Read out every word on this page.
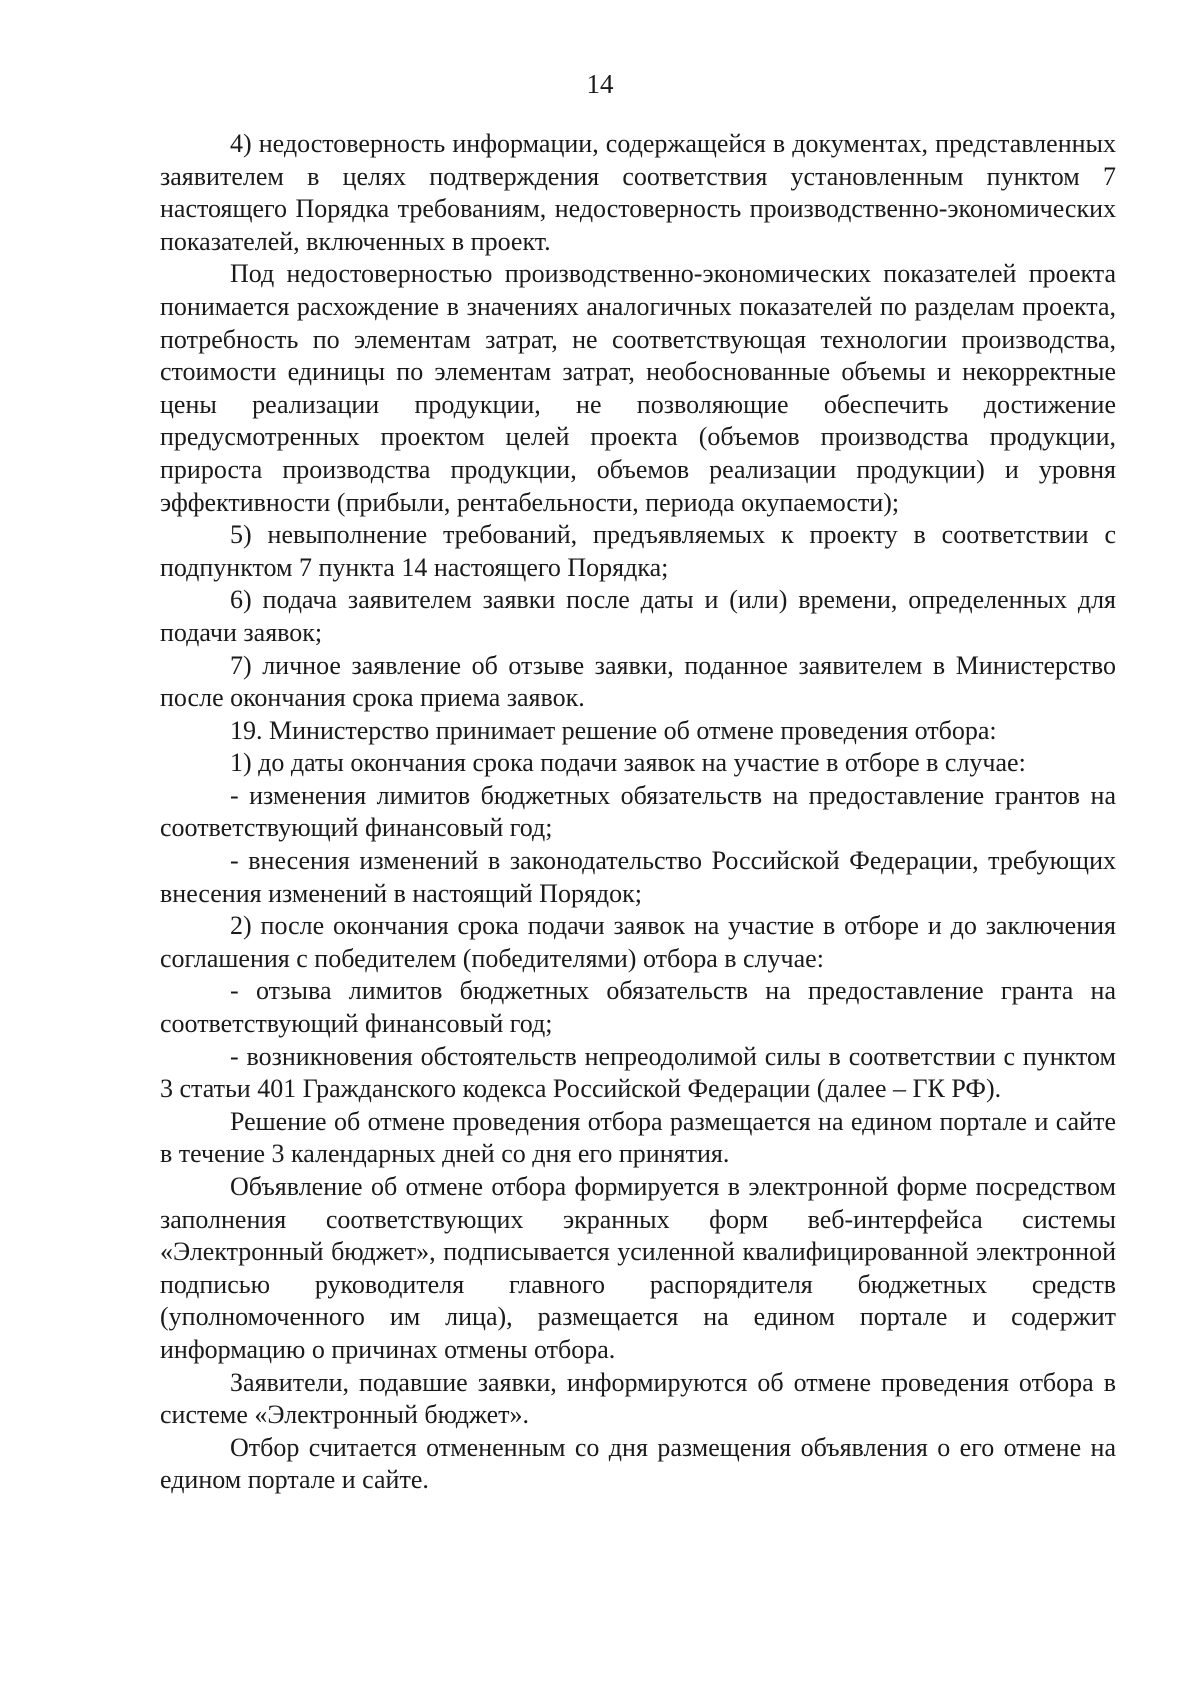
14

4) недостоверность информации, содержащейся в документах, представленных заявителем в целях подтверждения соответствия установленным пунктом 7 настоящего Порядка требованиям, недостоверность производственно-экономических показателей, включенных в проект.

Под недостоверностью производственно-экономических показателей проекта понимается расхождение в значениях аналогичных показателей по разделам проекта, потребность по элементам затрат, не соответствующая технологии производства, стоимости единицы по элементам затрат, необоснованные объемы и некорректные цены реализации продукции, не позволяющие обеспечить достижение предусмотренных проектом целей проекта (объемов производства продукции, прироста производства продукции, объемов реализации продукции) и уровня эффективности (прибыли, рентабельности, периода окупаемости);

5) невыполнение требований, предъявляемых к проекту в соответствии с подпунктом 7 пункта 14 настоящего Порядка;

6) подача заявителем заявки после даты и (или) времени, определенных для подачи заявок;

7) личное заявление об отзыве заявки, поданное заявителем в Министерство после окончания срока приема заявок.

19. Министерство принимает решение об отмене проведения отбора:

1) до даты окончания срока подачи заявок на участие в отборе в случае:

- изменения лимитов бюджетных обязательств на предоставление грантов на соответствующий финансовый год;

- внесения изменений в законодательство Российской Федерации, требующих внесения изменений в настоящий Порядок;

2) после окончания срока подачи заявок на участие в отборе и до заключения соглашения с победителем (победителями) отбора в случае:

- отзыва лимитов бюджетных обязательств на предоставление гранта на соответствующий финансовый год;

- возникновения обстоятельств непреодолимой силы в соответствии с пунктом 3 статьи 401 Гражданского кодекса Российской Федерации (далее – ГК РФ).

Решение об отмене проведения отбора размещается на едином портале и сайте в течение 3 календарных дней со дня его принятия.

Объявление об отмене отбора формируется в электронной форме посредством заполнения соответствующих экранных форм веб-интерфейса системы «Электронный бюджет», подписывается усиленной квалифицированной электронной подписью руководителя главного распорядителя бюджетных средств (уполномоченного им лица), размещается на едином портале и содержит информацию о причинах отмены отбора.

Заявители, подавшие заявки, информируются об отмене проведения отбора в системе «Электронный бюджет».

Отбор считается отмененным со дня размещения объявления о его отмене на едином портале и сайте.
